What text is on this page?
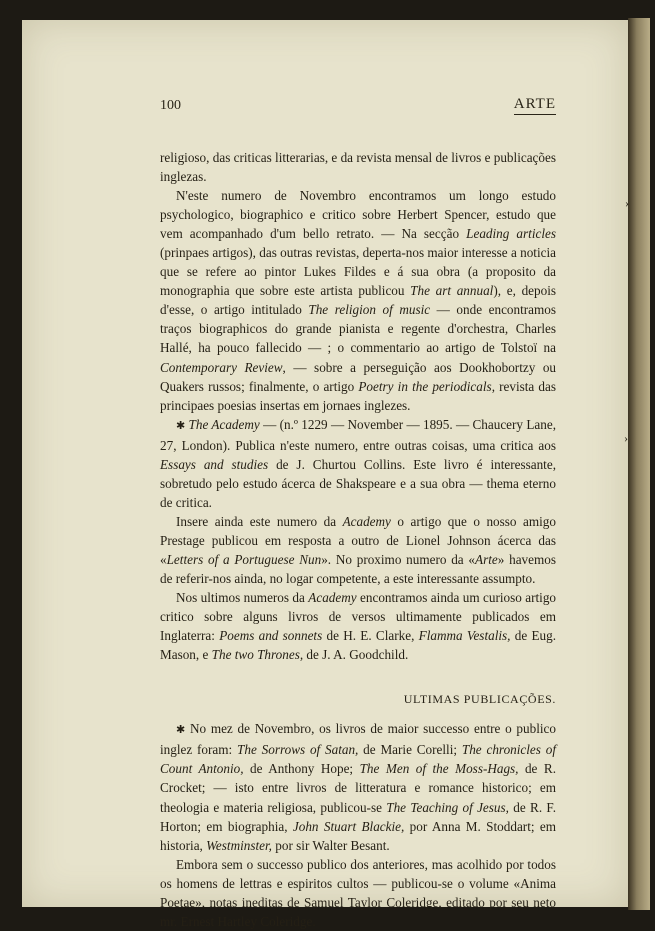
›
›
100	ARTE

religioso, das criticas litterarias, e da revista mensal de livros e publicações inglezas.

N'este numero de Novembro encontramos um longo estudo psychologico, biographico e critico sobre Herbert Spencer, estudo que vem acompanhado d'um bello retrato. — Na secção Leading articles (prinpaes artigos), das outras revistas, deperta-nos maior interesse a noticia que se refere ao pintor Lukes Fildes e á sua obra (a proposito da monographia que sobre este artista publicou The art annual), e, depois d'esse, o artigo intitulado The religion of music — onde encontramos traços biographicos do grande pianista e regente d'orchestra, Charles Hallé, ha pouco fallecido — ; o commentario ao artigo de Tolstoï na Contemporary Review, — sobre a perseguição aos Dookhobortzy ou Quakers russos; finalmente, o artigo Poetry in the periodicals, revista das principaes poesias insertas em jornaes inglezes.

✱ The Academy — (n.º 1229 — November — 1895. — Chaucery Lane, 27, London). Publica n'este numero, entre outras coisas, uma critica aos Essays and studies de J. Churtou Collins. Este livro é interessante, sobretudo pelo estudo ácerca de Shakspeare e a sua obra — thema eterno de critica.

Insere ainda este numero da Academy o artigo que o nosso amigo Prestage publicou em resposta a outro de Lionel Johnson ácerca das «Letters of a Portuguese Nun». No proximo numero da «Arte» havemos de referir-nos ainda, no logar competente, a este interessante assumpto.

Nos ultimos numeros da Academy encontramos ainda um curioso artigo critico sobre alguns livros de versos ultimamente publicados em Inglaterra: Poems and sonnets de H. E. Clarke, Flamma Vestalis, de Eug. Mason, e The two Thrones, de J. A. Goodchild.

ULTIMAS PUBLICAÇÕES.

✱ No mez de Novembro, os livros de maior successo entre o publico inglez foram: The Sorrows of Satan, de Marie Corelli; The chronicles of Count Antonio, de Anthony Hope; The Men of the Moss-Hags, de R. Crocket; — isto entre livros de litteratura e romance historico; em theologia e materia religiosa, publicou-se The Teaching of Jesus, de R. F. Horton; em biographia, John Stuart Blackie, por Anna M. Stoddart; em historia, Westminster, por sir Walter Besant.

Embora sem o successo publico dos anteriores, mas acolhido por todos os homens de lettras e espiritos cultos — publicou-se o volume «Anima Poetae», notas ineditas de Samuel Taylor Coleridge, editado por seu neto mr. Ernest Hartley Coleridge.
